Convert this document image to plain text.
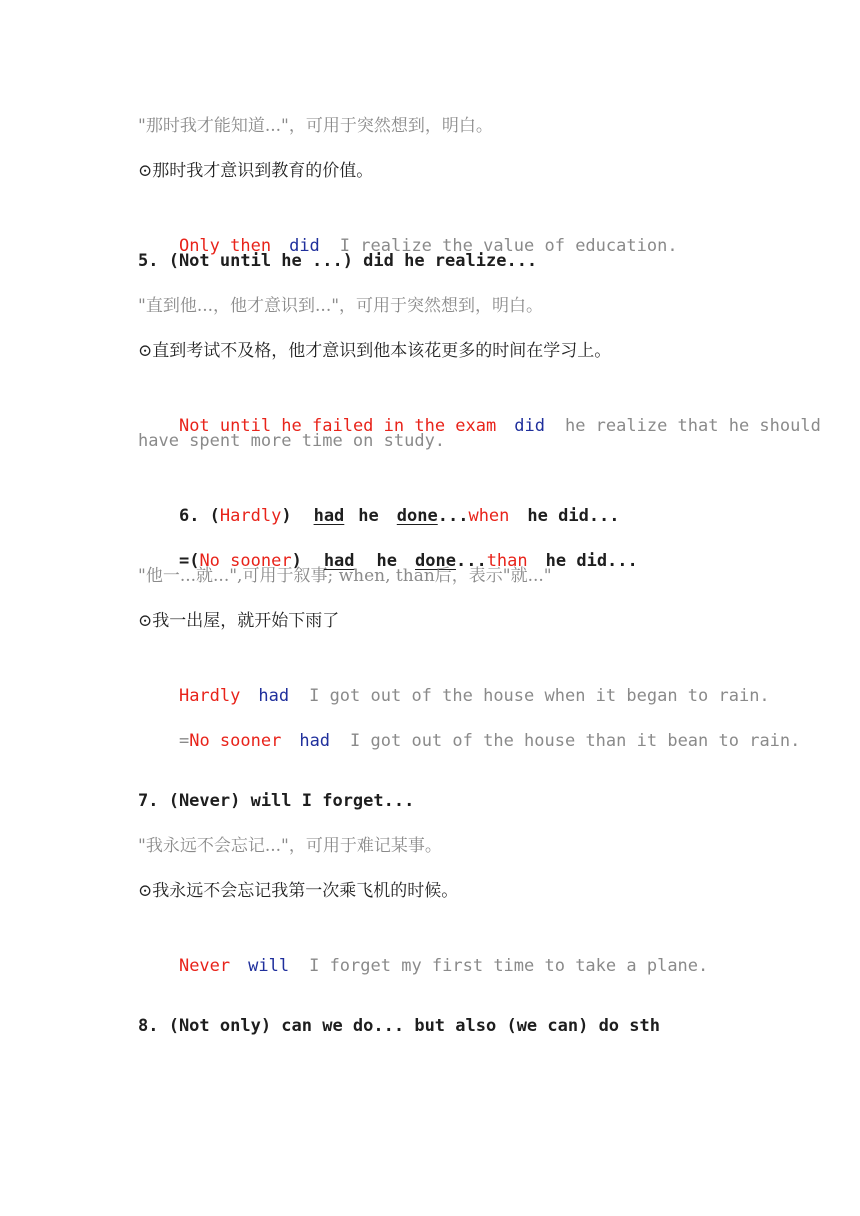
"那时我才能知道..."，可用于突然想到，明白。
⊙那时我才意识到教育的价值。

Only then did I realize the value of education.

5. (Not until he ...) did he realize...
"直到他...，他才意识到..."，可用于突然想到，明白。
⊙直到考试不及格，他才意识到他本该花更多的时间在学习上。

Not until he failed in the exam did he realize that he should

have spent more time on study.

6. (Hardly) had he done...when he did...

=(No sooner) had he done...than he did...

"他一...就...",可用于叙事; when, than后，表示"就..."
⊙我一出屋，就开始下雨了

Hardly had I got out of the house when it began to rain.

=No sooner had I got out of the house than it bean to rain.

7. (Never) will I forget...
"我永远不会忘记..."，可用于难记某事。
⊙我永远不会忘记我第一次乘飞机的时候。

Never will I forget my first time to take a plane.

8. (Not only) can we do... but also (we can) do sth
